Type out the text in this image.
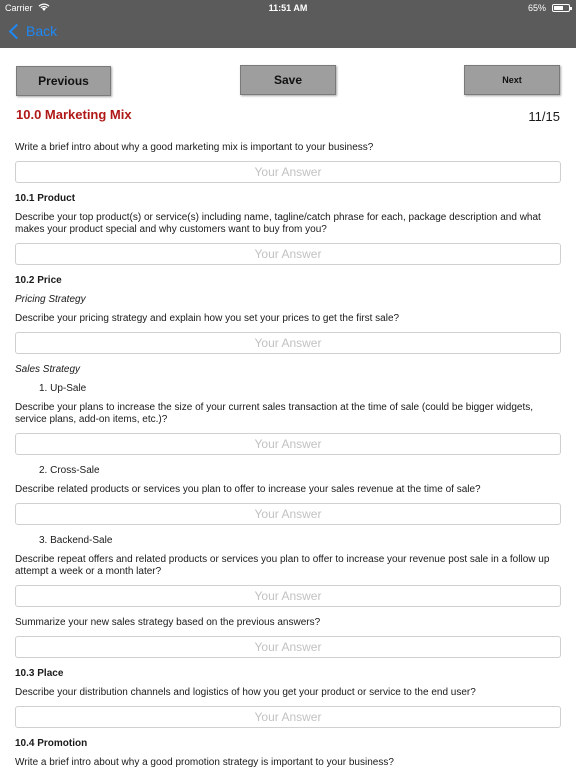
Carrier	11:51 AM	65%
Back
Previous	Save	Next
10.0 Marketing Mix	11/15

Write a brief intro about why a good marketing mix is important to your business?

Your Answer

10.1 Product

Describe your top product(s) or service(s) including name, tagline/catch phrase for each, package description and what makes your product special and why customers want to buy from you?

Your Answer

10.2 Price

Pricing Strategy

Describe your pricing strategy and explain how you set your prices to get the first sale?

Your Answer

Sales Strategy

1. Up-Sale

Describe your plans to increase the size of your current sales transaction at the time of sale (could be bigger widgets, service plans, add-on items, etc.)?

Your Answer

2. Cross-Sale

Describe related products or services you plan to offer to increase your sales revenue at the time of sale?

Your Answer

3. Backend-Sale

Describe repeat offers and related products or services you plan to offer to increase your revenue post sale in a follow up attempt a week or a month later?

Your Answer

Summarize your new sales strategy based on the previous answers?

Your Answer

10.3 Place

Describe your distribution channels and logistics of how you get your product or service to the end user?

Your Answer

10.4 Promotion

Write a brief intro about why a good promotion strategy is important to your business?
